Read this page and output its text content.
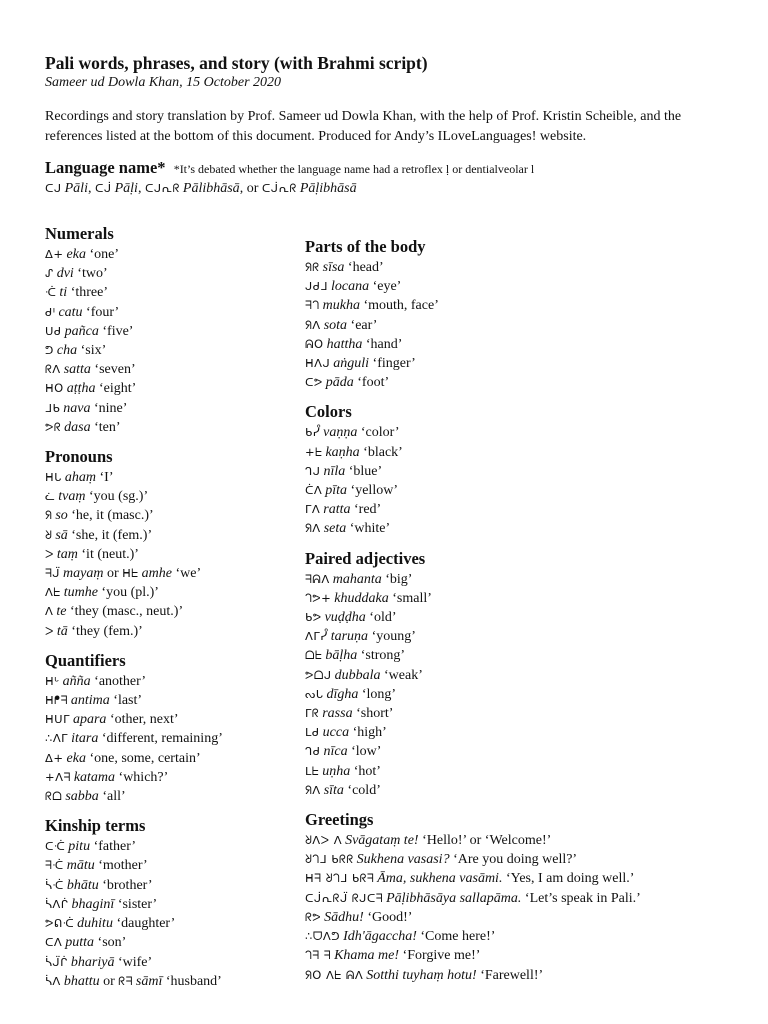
Pali words, phrases, and story (with Brahmi script)

Sameer ud Dowla Khan, 15 October 2020

Recordings and story translation by Prof. Sameer ud Dowla Khan, with the help of Prof. Kristin Scheible, and the references listed at the bottom of this document. Produced for Andy’s ILoveLanguages! website.

Language name* *It’s debated whether the language name had a retroflex ḷ or dentialveolar l
ᑕᒍ Pāli, ᑕᒎ Pāḷi, ᑕᒍᕆᖇ Pālibhāsā, or ᑕᒎᕆᖇ Pāḷibhāsā
Numerals
ᐃ+ eka ‘one’
ᔑ dvi ‘two’
ᑣ ti ‘three’
ᑯᑊ catu ‘four’
ᑌᑯ pañca ‘five’
ᕤ cha ‘six’
ᖇᐱ satta ‘seven’
ᕼO aṭṭha ‘eight’
ᒧᑲ nava ‘nine’
ᕗᖇ dasa ‘ten’
Pronouns
ᕼᒐ ahaṃ ‘I’
ᓛ tvaṃ ‘you (sg.)’
ᖆ so ‘he, it (masc.)’
ᖈ sā ‘she, it (fem.)’
ᐳ taṃ ‘it (neut.)’
ᖷᒏ mayaṃ or ᕼᖶ amhe ‘we’
ᐱᖶ tumhe ‘you (pl.)’
ᐱ te ‘they (masc., neut.)’
ᐳ tā ‘they (fem.)’
Quantifiers
ᕼᒡ añña ‘another’
ᕼᖰᖷ antima ‘last’
ᕼᑌᒥ apara ‘other, next’
∴ᐱᒥ itara ‘different, remaining’
ᐃ+ eka ‘one, some, certain’
+ᐱᖷ katama ‘which?’
ᖇᗝ sabba ‘all’
Kinship terms
ᑕᑣ pitu ‘father’
ᖷᑣ mātu ‘mother’
ᓵᑣ bhātu ‘brother’
ᓵᐱᒌ bhaginī ‘sister’
ᕗᕠᑣ duhitu ‘daughter’
ᑕᐱ putta ‘son’
ᓵᒏᒌ bhariyā ‘wife’
ᓵᐱ bhattu or ᖇᖷ sāmī ‘husband’
Parts of the body
ᖆᖇ sīsa ‘head’
ᒍᑯᒧ locana ‘eye’
ᖷᘃ mukha ‘mouth, face’
ᖆᐱ sota ‘ear’
ᕱO hattha ‘hand’
ᕼᐱᒍ aṅguli ‘finger’
ᑕᕗ pāda ‘foot’
Colors
ᑲᓮ vaṇṇa ‘color’
+ᖶ kaṇha ‘black’
ᒉᒍ nīla ‘blue’
ᑖᐱ pīta ‘yellow’
ᒥᐱ ratta ‘red’
ᖆᐱ seta ‘white’
Paired adjectives
ᖷᕱᐱ mahanta ‘big’
ᘃᕗ+ khuddaka ‘small’
ᑲᕗ vuḍḍha ‘old’
ᐱᒥᓮ taruṇa ‘young’
ᗝᖶ bāḷha ‘strong’
ᕗᗝᒍ dubbala ‘weak’
ᔓᒐ dīgha ‘long’
ᒥᖇ rassa ‘short’
ᒪᑯ ucca ‘high’
ᒉᑯ nīca ‘low’
ᒪᖶ uṇha ‘hot’
ᖆᐱ sīta ‘cold’
Greetings
ᖈᐱᐳ ᐱ Svāgataṃ te! ‘Hello!’ or ‘Welcome!’
ᖈᘃᒧ ᑲᖇᖇ Sukhena vasasi? ‘Are you doing well?’
ᕼᖷ ᖈᘃᒧ ᑲᖇᖷ Āma, sukhena vasāmi. ‘Yes, I am doing well.’
ᑕᒎᕆᖇᒏ ᖇᒍᑕᖷ Pāḷibhāsāya sallapāma. ‘Let’s speak in Pali.’
ᖇᕗ Sādhu! ‘Good!’
∴ᗜᐱᕤ Idh'āgaccha! ‘Come here!’
ᘃᖷ ᖷ Khama me! ‘Forgive me!’
ᖆO ᐱᖶ ᕱᐱ Sotthi tuyhaṃ hotu! ‘Farewell!’
